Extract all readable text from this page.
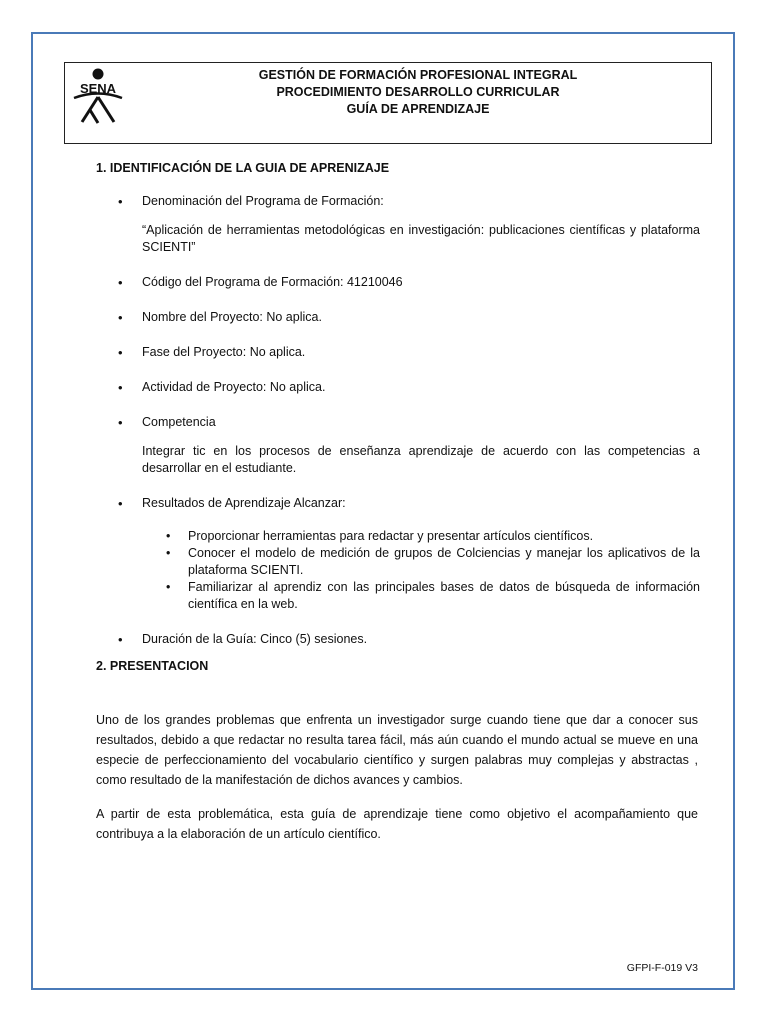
SENA
GESTIÓN DE FORMACIÓN PROFESIONAL INTEGRAL
PROCEDIMIENTO DESARROLLO CURRICULAR
GUÍA DE APRENDIZAJE
1. IDENTIFICACIÓN DE LA GUIA DE APRENIZAJE
• Denominación del Programa de Formación:
“Aplicación de herramientas metodológicas en investigación: publicaciones científicas y plataforma SCIENTI”
• Código del Programa de Formación: 41210046
• Nombre del Proyecto: No aplica.
• Fase del Proyecto: No aplica.
• Actividad de Proyecto: No aplica.
• Competencia
Integrar tic en los procesos de enseñanza aprendizaje de acuerdo con las competencias a desarrollar en el estudiante.
• Resultados de Aprendizaje Alcanzar:
• Proporcionar herramientas para redactar y presentar artículos científicos.
• Conocer el modelo de medición de grupos de Colciencias y manejar los aplicativos de la plataforma SCIENTI.
• Familiarizar al aprendiz con las principales bases de datos de búsqueda de información científica en la web.
• Duración de la Guía: Cinco (5) sesiones.
2. PRESENTACION

Uno de los grandes problemas que enfrenta un investigador surge cuando tiene que dar a conocer sus resultados, debido a que redactar no resulta tarea fácil, más aún cuando el mundo actual se mueve en una especie de perfeccionamiento del vocabulario científico y surgen palabras muy complejas y abstractas , como resultado de la manifestación de dichos avances y cambios.

A partir de esta problemática, esta guía de aprendizaje tiene como objetivo el acompañamiento que contribuya a la elaboración de un artículo científico.

GFPI-F-019 V3
